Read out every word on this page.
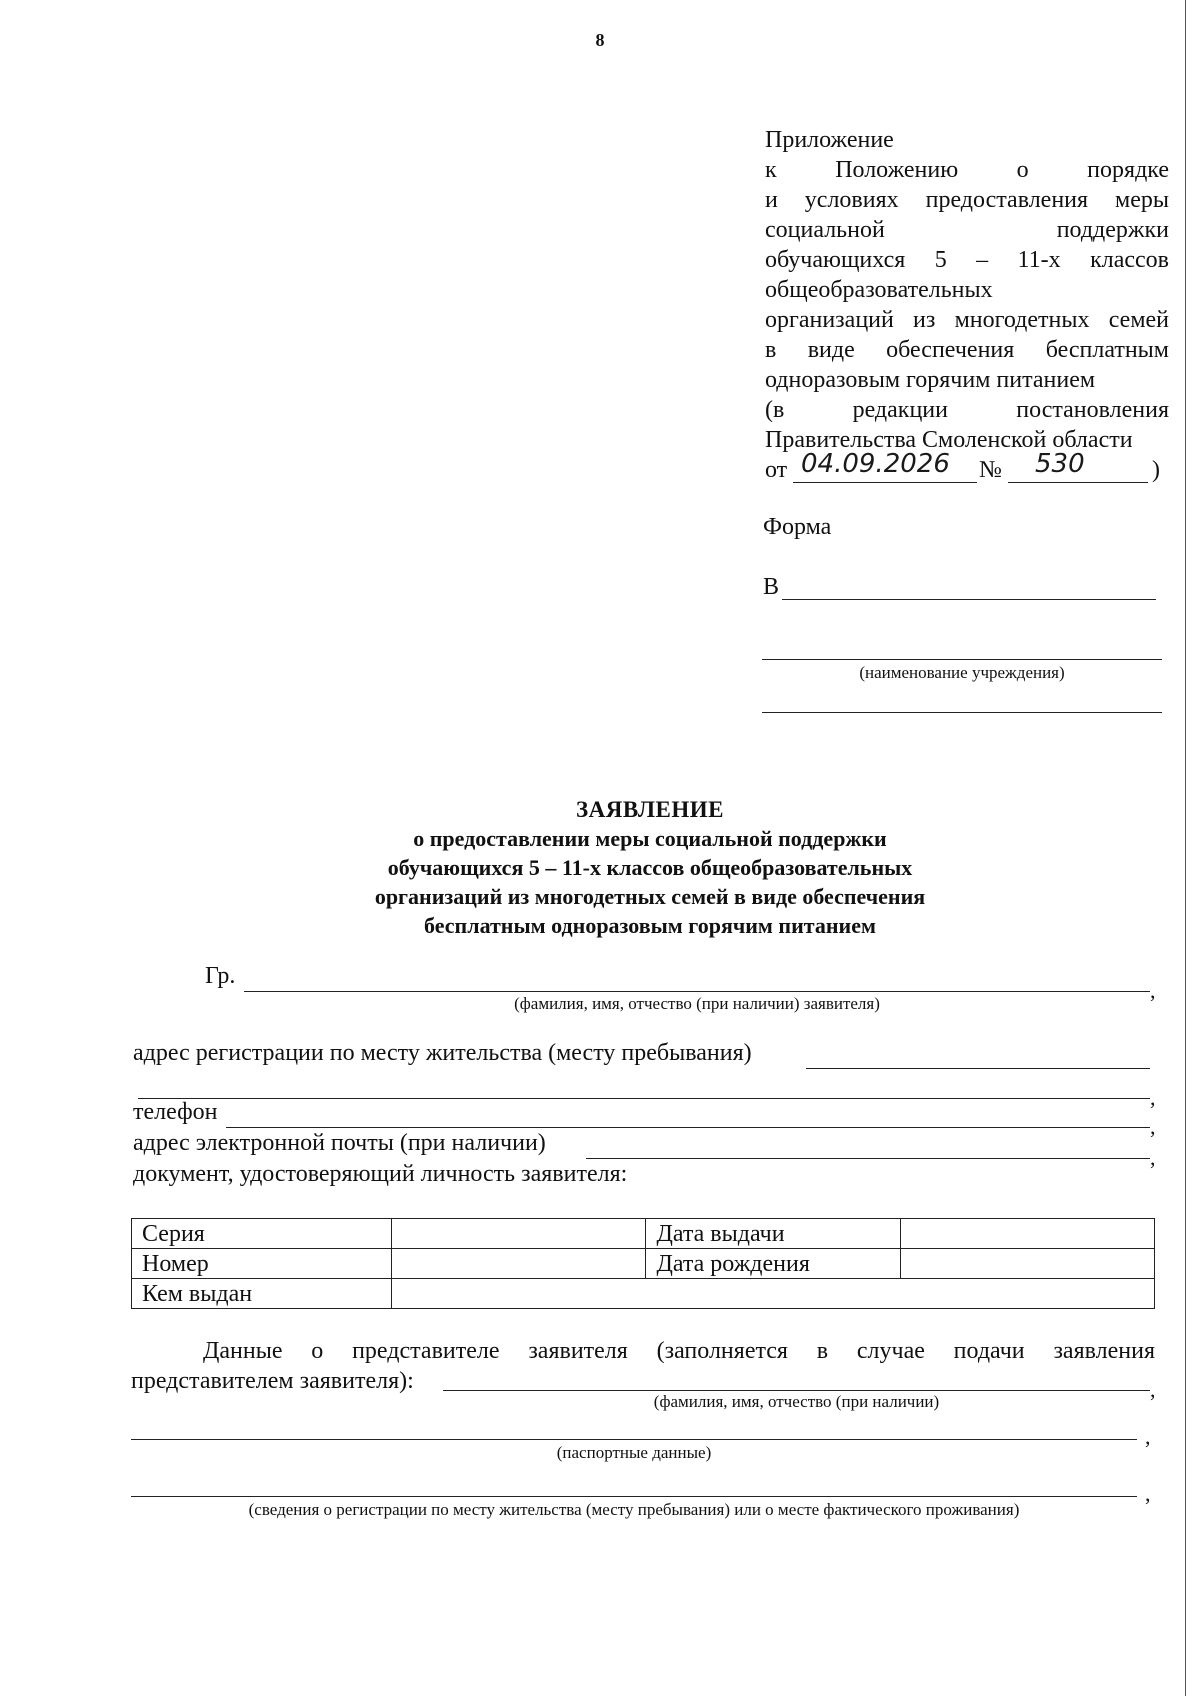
8
Приложение
к Положению о порядке
и условиях предоставления меры
социальной поддержки
обучающихся 5 – 11-х классов
общеобразовательных
организаций из многодетных семей
в виде обеспечения бесплатным
одноразовым горячим питанием
(в редакции постановления
Правительства Смоленской области
от 04.09.2026 № 530	)
Форма
В
(наименование учреждения)
ЗАЯВЛЕНИЕ
о предоставлении меры социальной поддержки
обучающихся 5 – 11-х классов общеобразовательных
организаций из многодетных семей в виде обеспечения
бесплатным одноразовым горячим питанием
Гр.
,
(фамилия, имя, отчество (при наличии) заявителя)
адрес регистрации по месту жительства (месту пребывания)
,
телефон
,
адрес электронной почты (при наличии)
,
документ, удостоверяющий личность заявителя:
Серия		Дата выдачи	
Номер		Дата рождения	
Кем выдан			
Данные о представителе заявителя (заполняется в случае подачи заявления
представителем заявителя):	,
(фамилия, имя, отчество (при наличии)
,
(паспортные данные)
,
(сведения о регистрации по месту жительства (месту пребывания) или о месте фактического проживания)
